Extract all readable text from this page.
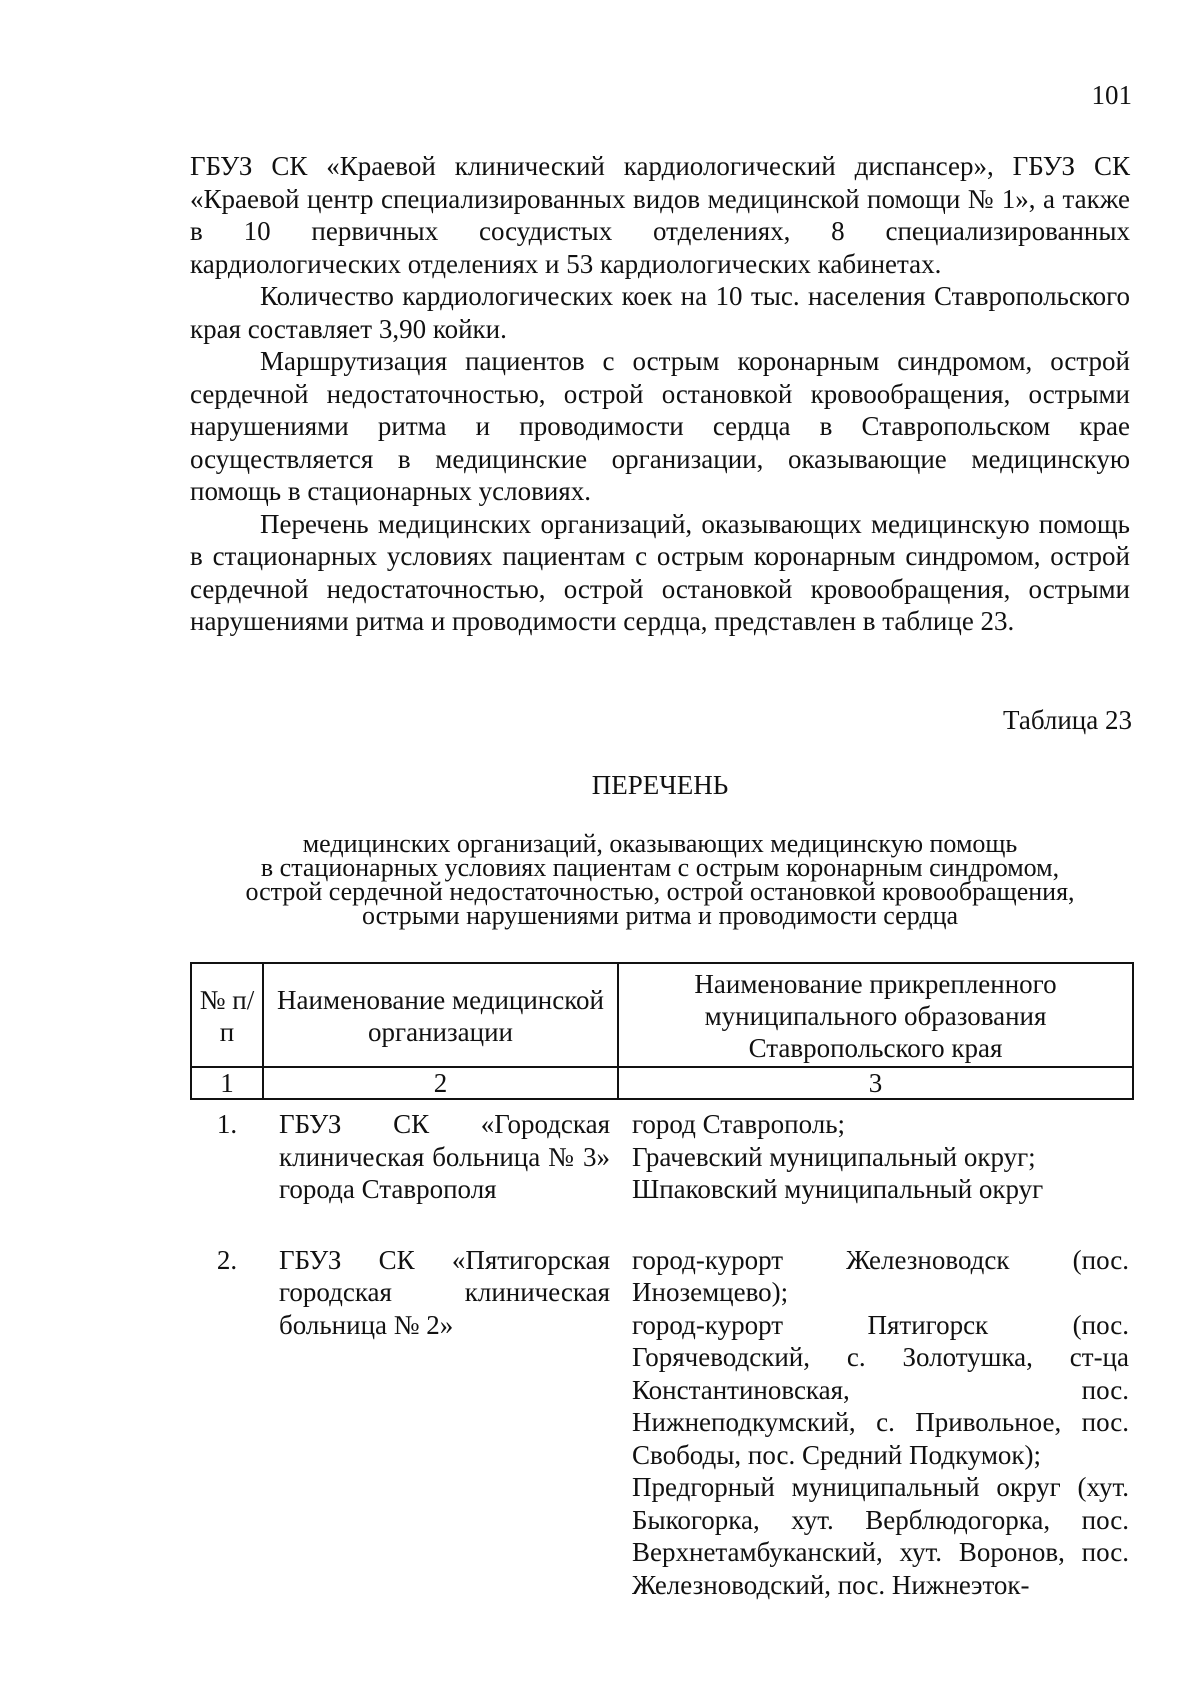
101

ГБУЗ СК «Краевой клинический кардиологический диспансер», ГБУЗ СК «Краевой центр специализированных видов медицинской помощи № 1», а также в 10 первичных сосудистых отделениях, 8 специализированных кардиологических отделениях и 53 кардиологических кабинетах.

Количество кардиологических коек на 10 тыс. населения Ставропольского края составляет 3,90 койки.

Маршрутизация пациентов с острым коронарным синдромом, острой сердечной недостаточностью, острой остановкой кровообращения, острыми нарушениями ритма и проводимости сердца в Ставропольском крае осуществляется в медицинские организации, оказывающие медицинскую помощь в стационарных условиях.

Перечень медицинских организаций, оказывающих медицинскую помощь в стационарных условиях пациентам с острым коронарным синдромом, острой сердечной недостаточностью, острой остановкой кровообращения, острыми нарушениями ритма и проводимости сердца, представлен в таблице 23.

Таблица 23
ПЕРЕЧЕНЬ
медицинских организаций, оказывающих медицинскую помощь
в стационарных условиях пациентам с острым коронарным синдромом,
острой сердечной недостаточностью, острой остановкой кровообращения,
острыми нарушениями ритма и проводимости сердца
№ п/п	Наименование медицинской организации	Наименование прикрепленного муниципального образования Ставропольского края
1	2	3
1.	ГБУЗ СК «Городская клиническая больница № 3» города Ставрополя	город Ставрополь;
Грачевский муниципальный округ;
Шпаковский муниципальный округ

2.	ГБУЗ СК «Пятигорская городская клиническая больница № 2»	город-курорт Железноводск (пос. Иноземцево);
город-курорт Пятигорск (пос. Горячеводский, с. Золотушка, ст-ца Константиновская, пос. Нижнеподкумский, с. Привольное, пос. Свободы, пос. Средний Подкумок);
Предгорный муниципальный округ (хут. Быкогорка, хут. Верблюдогорка, пос. Верхнетамбуканский, хут. Воронов, пос. Железноводский, пос. Нижнеэток-
